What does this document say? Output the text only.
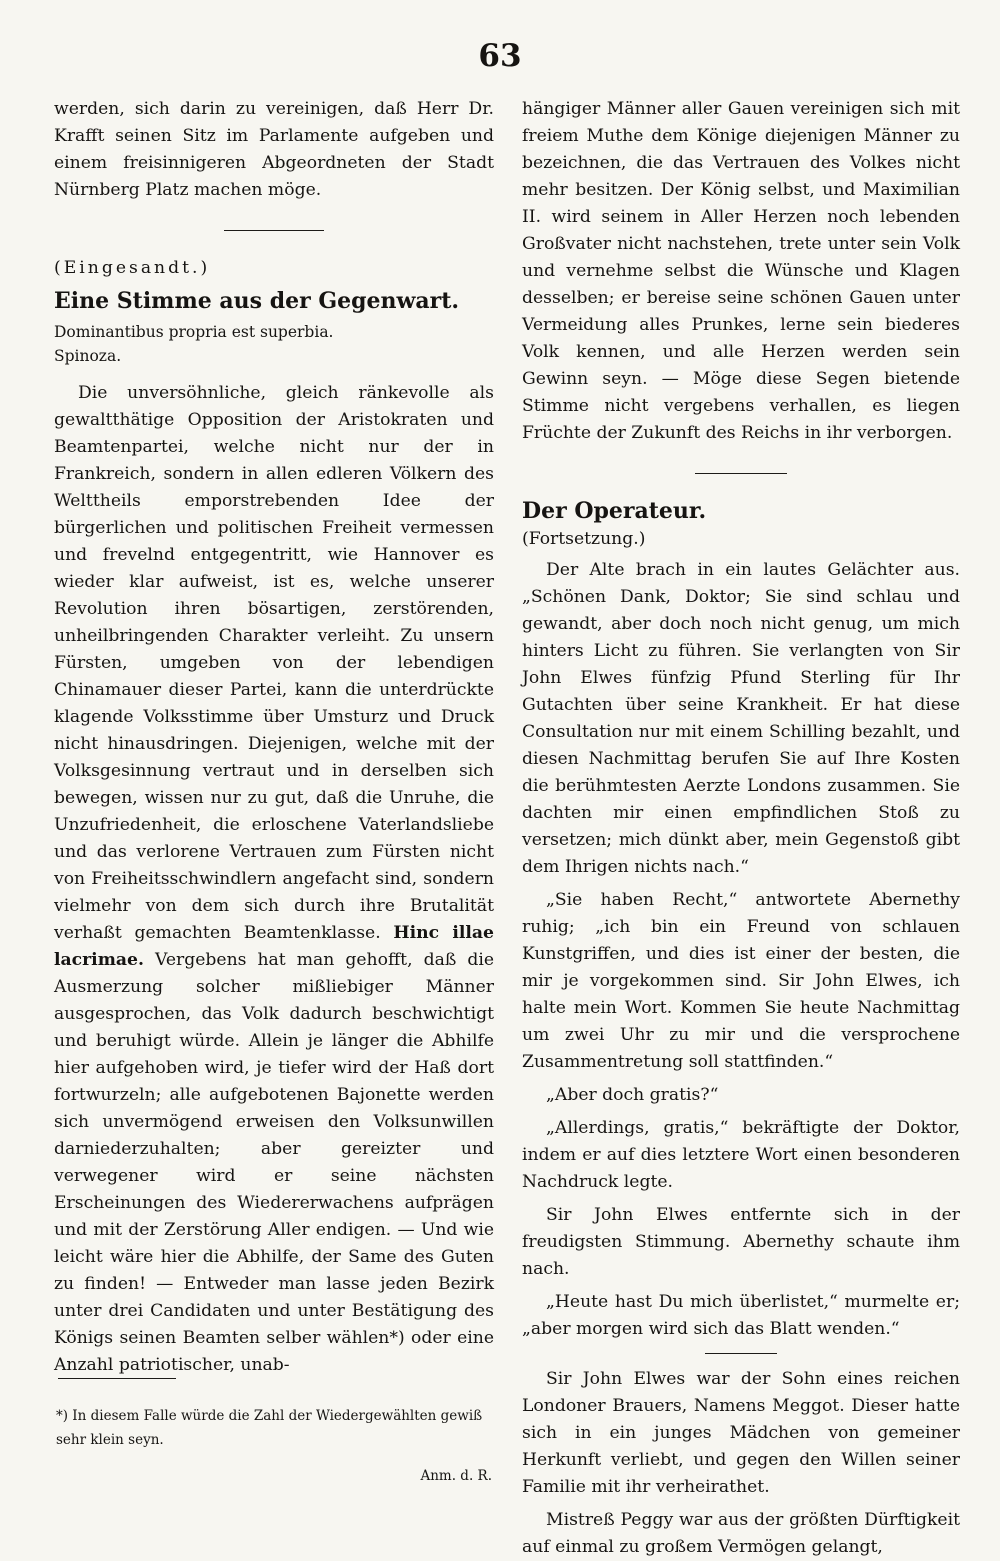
63

werden, sich darin zu vereinigen, daß Herr Dr. Krafft seinen Sitz im Parlamente aufgeben und einem freisinnigeren Abgeordneten der Stadt Nürnberg Platz machen möge.

(Eingesandt.)

Eine Stimme aus der Gegenwart.

Dominantibus propria est superbia.

Spinoza.

Die unversöhnliche, gleich ränkevolle als gewaltthätige Opposition der Aristokraten und Beamtenpartei, welche nicht nur der in Frankreich, sondern in allen edleren Völkern des Welttheils emporstrebenden Idee der bürgerlichen und politischen Freiheit vermessen und frevelnd entgegentritt, wie Hannover es wieder klar aufweist, ist es, welche unserer Revolution ihren bösartigen, zerstörenden, unheilbringenden Charakter verleiht. Zu unsern Fürsten, umgeben von der lebendigen Chinamauer dieser Partei, kann die unterdrückte klagende Volksstimme über Umsturz und Druck nicht hinausdringen. Diejenigen, welche mit der Volksgesinnung vertraut und in derselben sich bewegen, wissen nur zu gut, daß die Unruhe, die Unzufriedenheit, die erloschene Vaterlandsliebe und das verlorene Vertrauen zum Fürsten nicht von Freiheitsschwindlern angefacht sind, sondern vielmehr von dem sich durch ihre Brutalität verhaßt gemachten Beamtenklasse. Hinc illae lacrimae. Vergebens hat man gehofft, daß die Ausmerzung solcher mißliebiger Männer ausgesprochen, das Volk dadurch beschwichtigt und beruhigt würde. Allein je länger die Abhilfe hier aufgehoben wird, je tiefer wird der Haß dort fortwurzeln; alle aufgebotenen Bajonette werden sich unvermögend erweisen den Volksunwillen darniederzuhalten; aber gereizter und verwegener wird er seine nächsten Erscheinungen des Wiedererwachens aufprägen und mit der Zerstörung Aller endigen. — Und wie leicht wäre hier die Abhilfe, der Same des Guten zu finden! — Entweder man lasse jeden Bezirk unter drei Candidaten und unter Bestätigung des Königs seinen Beamten selber wählen*) oder eine Anzahl patriotischer, unab-

*) In diesem Falle würde die Zahl der Wiedergewählten gewiß sehr klein seyn.

Anm. d. R.

hängiger Männer aller Gauen vereinigen sich mit freiem Muthe dem Könige diejenigen Männer zu bezeichnen, die das Vertrauen des Volkes nicht mehr besitzen. Der König selbst, und Maximilian II. wird seinem in Aller Herzen noch lebenden Großvater nicht nachstehen, trete unter sein Volk und vernehme selbst die Wünsche und Klagen desselben; er bereise seine schönen Gauen unter Vermeidung alles Prunkes, lerne sein biederes Volk kennen, und alle Herzen werden sein Gewinn seyn. — Möge diese Segen bietende Stimme nicht vergebens verhallen, es liegen Früchte der Zukunft des Reichs in ihr verborgen.

Der Operateur.

(Fortsetzung.)

Der Alte brach in ein lautes Gelächter aus. „Schönen Dank, Doktor; Sie sind schlau und gewandt, aber doch noch nicht genug, um mich hinters Licht zu führen. Sie verlangten von Sir John Elwes fünfzig Pfund Sterling für Ihr Gutachten über seine Krankheit. Er hat diese Consultation nur mit einem Schilling bezahlt, und diesen Nachmittag berufen Sie auf Ihre Kosten die berühmtesten Aerzte Londons zusammen. Sie dachten mir einen empfindlichen Stoß zu versetzen; mich dünkt aber, mein Gegenstoß gibt dem Ihrigen nichts nach.“

„Sie haben Recht,“ antwortete Abernethy ruhig; „ich bin ein Freund von schlauen Kunstgriffen, und dies ist einer der besten, die mir je vorgekommen sind. Sir John Elwes, ich halte mein Wort. Kommen Sie heute Nachmittag um zwei Uhr zu mir und die versprochene Zusammentretung soll stattfinden.“

„Aber doch gratis?“

„Allerdings, gratis,“ bekräftigte der Doktor, indem er auf dies letztere Wort einen besonderen Nachdruck legte.

Sir John Elwes entfernte sich in der freudigsten Stimmung. Abernethy schaute ihm nach.

„Heute hast Du mich überlistet,“ murmelte er; „aber morgen wird sich das Blatt wenden.“

Sir John Elwes war der Sohn eines reichen Londoner Brauers, Namens Meggot. Dieser hatte sich in ein junges Mädchen von gemeiner Herkunft verliebt, und gegen den Willen seiner Familie mit ihr verheirathet.

Mistreß Peggy war aus der größten Dürftigkeit auf einmal zu großem Vermögen gelangt,
